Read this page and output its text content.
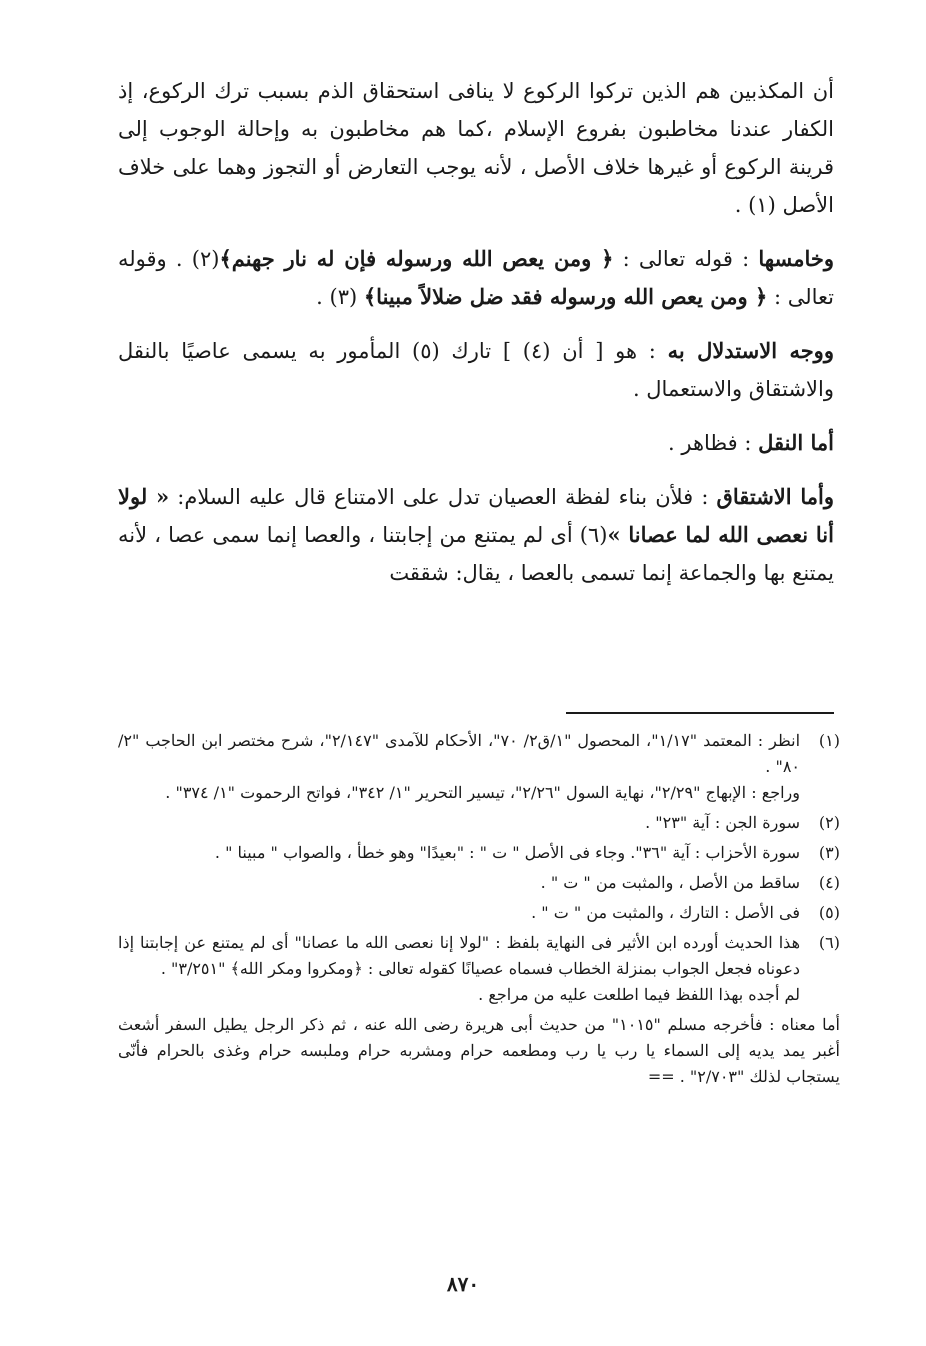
أن المكذبين هم الذين تركوا الركوع لا ينافى استحقاق الذم بسبب ترك الركوع، إذ الكفار عندنا مخاطبون بفروع الإسلام ،كما هم مخاطبون به وإحالة الوجوب إلى قرينة الركوع أو غيرها خلاف الأصل ، لأنه يوجب التعارض أو التجوز وهما على خلاف الأصل (١) .

وخامسها : قوله تعالى : ﴿ ومن يعص الله ورسوله فإن له نار جهنم﴾(٢) . وقوله تعالى : ﴿ ومن يعص الله ورسوله فقد ضل ضلالاً مبينا﴾ (٣) .

ووجه الاستدلال به : هو [ أن (٤) ] تارك (٥) المأمور به يسمى عاصيًا بالنقل والاشتقاق والاستعمال .

أما النقل : فظاهر .

وأما الاشتقاق : فلأن بناء لفظة العصيان تدل على الامتناع قال عليه السلام: « لولا أنا نعصى الله لما عصانا »(٦) أى لم يمتنع من إجابتنا ، والعصا إنما سمى عصا ، لأنه يمتنع بها والجماعة إنما تسمى بالعصا ، يقال: شققت

(١)
انظر : المعتمد "١/١٧"، المحصول "١/ق٢/ ٧٠"، الأحكام للآمدى "٢/١٤٧"، شرح مختصر ابن الحاجب "٢/ ٨٠" .
وراجع : الإبهاج "٢/٢٩"، نهاية السول "٢/٢٦"، تيسير التحرير "١/ ٣٤٢"، فواتح الرحموت "١/ ٣٧٤" .
(٢)
سورة الجن : آية "٢٣" .
(٣)
سورة الأحزاب : آية "٣٦". وجاء فى الأصل " ت " : "بعيدًا" وهو خطأ ، والصواب " مبينا " .
(٤)
ساقط من الأصل ، والمثبت من " ت " .
(٥)
فى الأصل : التارك ، والمثبت من " ت " .
(٦)
هذا الحديث أورده ابن الأثير فى النهاية بلفظ : "لولا إنا نعصى الله ما عصانا" أى لم يمتنع عن إجابتنا إذا دعوناه فجعل الجواب بمنزلة الخطاب فسماه عصيانًا كقوله تعالى : ﴿ومكروا ومكر الله﴾ "٣/٢٥١" .
لم أجده بهذا اللفظ فيما اطلعت عليه من مراجع .
أما معناه : فأخرجه مسلم "١٠١٥" من حديث أبى هريرة رضى الله عنه ، ثم ذكر الرجل يطيل السفر أشعث أغبر يمد يديه إلى السماء يا رب يا رب ومطعمه حرام ومشربه حرام وملبسه حرام وغذى بالحرام فأنّى يستجاب لذلك "٢/٧٠٣" . ==
٨٧٠
